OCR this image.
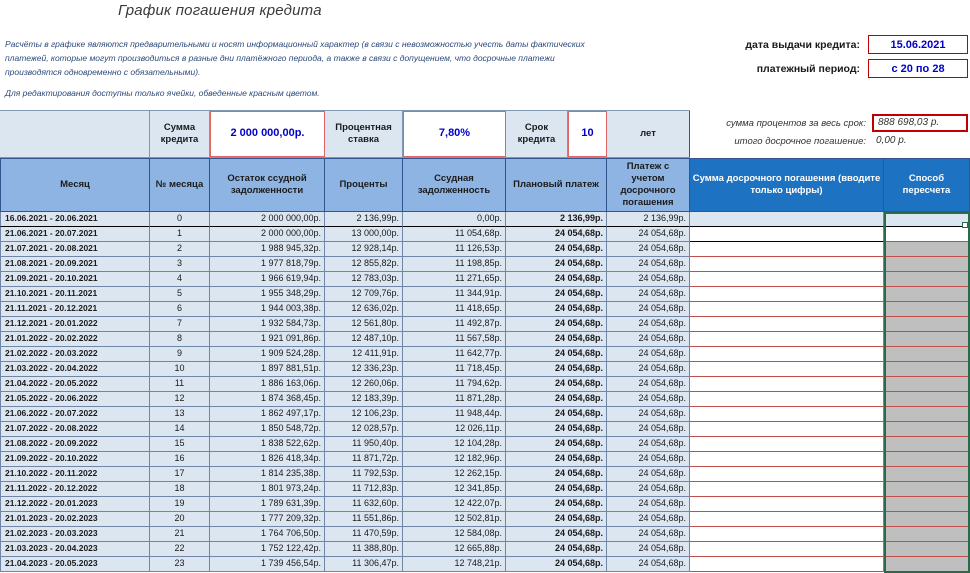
График погашения кредита

Расчёты в графике являются предварительными и носят информационный характер (в связи с невозможностью учесть даты фактических платежей, которые могут производиться в разные дни платёжного периода, а также в связи с допущением, что досрочные платежи производятся одновременно с обязательными).

Для редактирования доступны только ячейки, обведенные красным цветом.

дата выдачи кредита:	15.06.2021
платежный период:	с 20 по 28
сумма процентов за весь срок:	888 698,03 р.
итого досрочное погашение:	0,00 р.
Сумма кредита
2 000 000,00р.	Процентная ставка
7,80%	Срок кредита
10	лет
Месяц	№ месяца
Остаток ссудной задолженности
Проценты
Ссудная задолженность
Плановый платеж
Платеж с учетом досрочного погашения
Сумма досрочного погашения (вводите только цифры)
Способ пересчета
16.06.2021 - 20.06.2021	0	2 000 000,00р.	2 136,99р.	0,00р.	2 136,99р.	2 136,99р.
21.06.2021 - 20.07.2021	1	2 000 000,00р.	13 000,00р.	11 054,68р.	24 054,68р.	24 054,68р.
21.07.2021 - 20.08.2021	2	1 988 945,32р.	12 928,14р.	11 126,53р.	24 054,68р.	24 054,68р.
21.08.2021 - 20.09.2021	3	1 977 818,79р.	12 855,82р.	11 198,85р.	24 054,68р.	24 054,68р.
21.09.2021 - 20.10.2021	4	1 966 619,94р.	12 783,03р.	11 271,65р.	24 054,68р.	24 054,68р.
21.10.2021 - 20.11.2021	5	1 955 348,29р.	12 709,76р.	11 344,91р.	24 054,68р.	24 054,68р.
21.11.2021 - 20.12.2021	6	1 944 003,38р.	12 636,02р.	11 418,65р.	24 054,68р.	24 054,68р.
21.12.2021 - 20.01.2022	7	1 932 584,73р.	12 561,80р.	11 492,87р.	24 054,68р.	24 054,68р.
21.01.2022 - 20.02.2022	8	1 921 091,86р.	12 487,10р.	11 567,58р.	24 054,68р.	24 054,68р.
21.02.2022 - 20.03.2022	9	1 909 524,28р.	12 411,91р.	11 642,77р.	24 054,68р.	24 054,68р.
21.03.2022 - 20.04.2022	10	1 897 881,51р.	12 336,23р.	11 718,45р.	24 054,68р.	24 054,68р.
21.04.2022 - 20.05.2022	11	1 886 163,06р.	12 260,06р.	11 794,62р.	24 054,68р.	24 054,68р.
21.05.2022 - 20.06.2022	12	1 874 368,45р.	12 183,39р.	11 871,28р.	24 054,68р.	24 054,68р.
21.06.2022 - 20.07.2022	13	1 862 497,17р.	12 106,23р.	11 948,44р.	24 054,68р.	24 054,68р.
21.07.2022 - 20.08.2022	14	1 850 548,72р.	12 028,57р.	12 026,11р.	24 054,68р.	24 054,68р.
21.08.2022 - 20.09.2022	15	1 838 522,62р.	11 950,40р.	12 104,28р.	24 054,68р.	24 054,68р.
21.09.2022 - 20.10.2022	16	1 826 418,34р.	11 871,72р.	12 182,96р.	24 054,68р.	24 054,68р.
21.10.2022 - 20.11.2022	17	1 814 235,38р.	11 792,53р.	12 262,15р.	24 054,68р.	24 054,68р.
21.11.2022 - 20.12.2022	18	1 801 973,24р.	11 712,83р.	12 341,85р.	24 054,68р.	24 054,68р.
21.12.2022 - 20.01.2023	19	1 789 631,39р.	11 632,60р.	12 422,07р.	24 054,68р.	24 054,68р.
21.01.2023 - 20.02.2023	20	1 777 209,32р.	11 551,86р.	12 502,81р.	24 054,68р.	24 054,68р.
21.02.2023 - 20.03.2023	21	1 764 706,50р.	11 470,59р.	12 584,08р.	24 054,68р.	24 054,68р.
21.03.2023 - 20.04.2023	22	1 752 122,42р.	11 388,80р.	12 665,88р.	24 054,68р.	24 054,68р.
21.04.2023 - 20.05.2023	23	1 739 456,54р.	11 306,47р.	12 748,21р.	24 054,68р.	24 054,68р.
